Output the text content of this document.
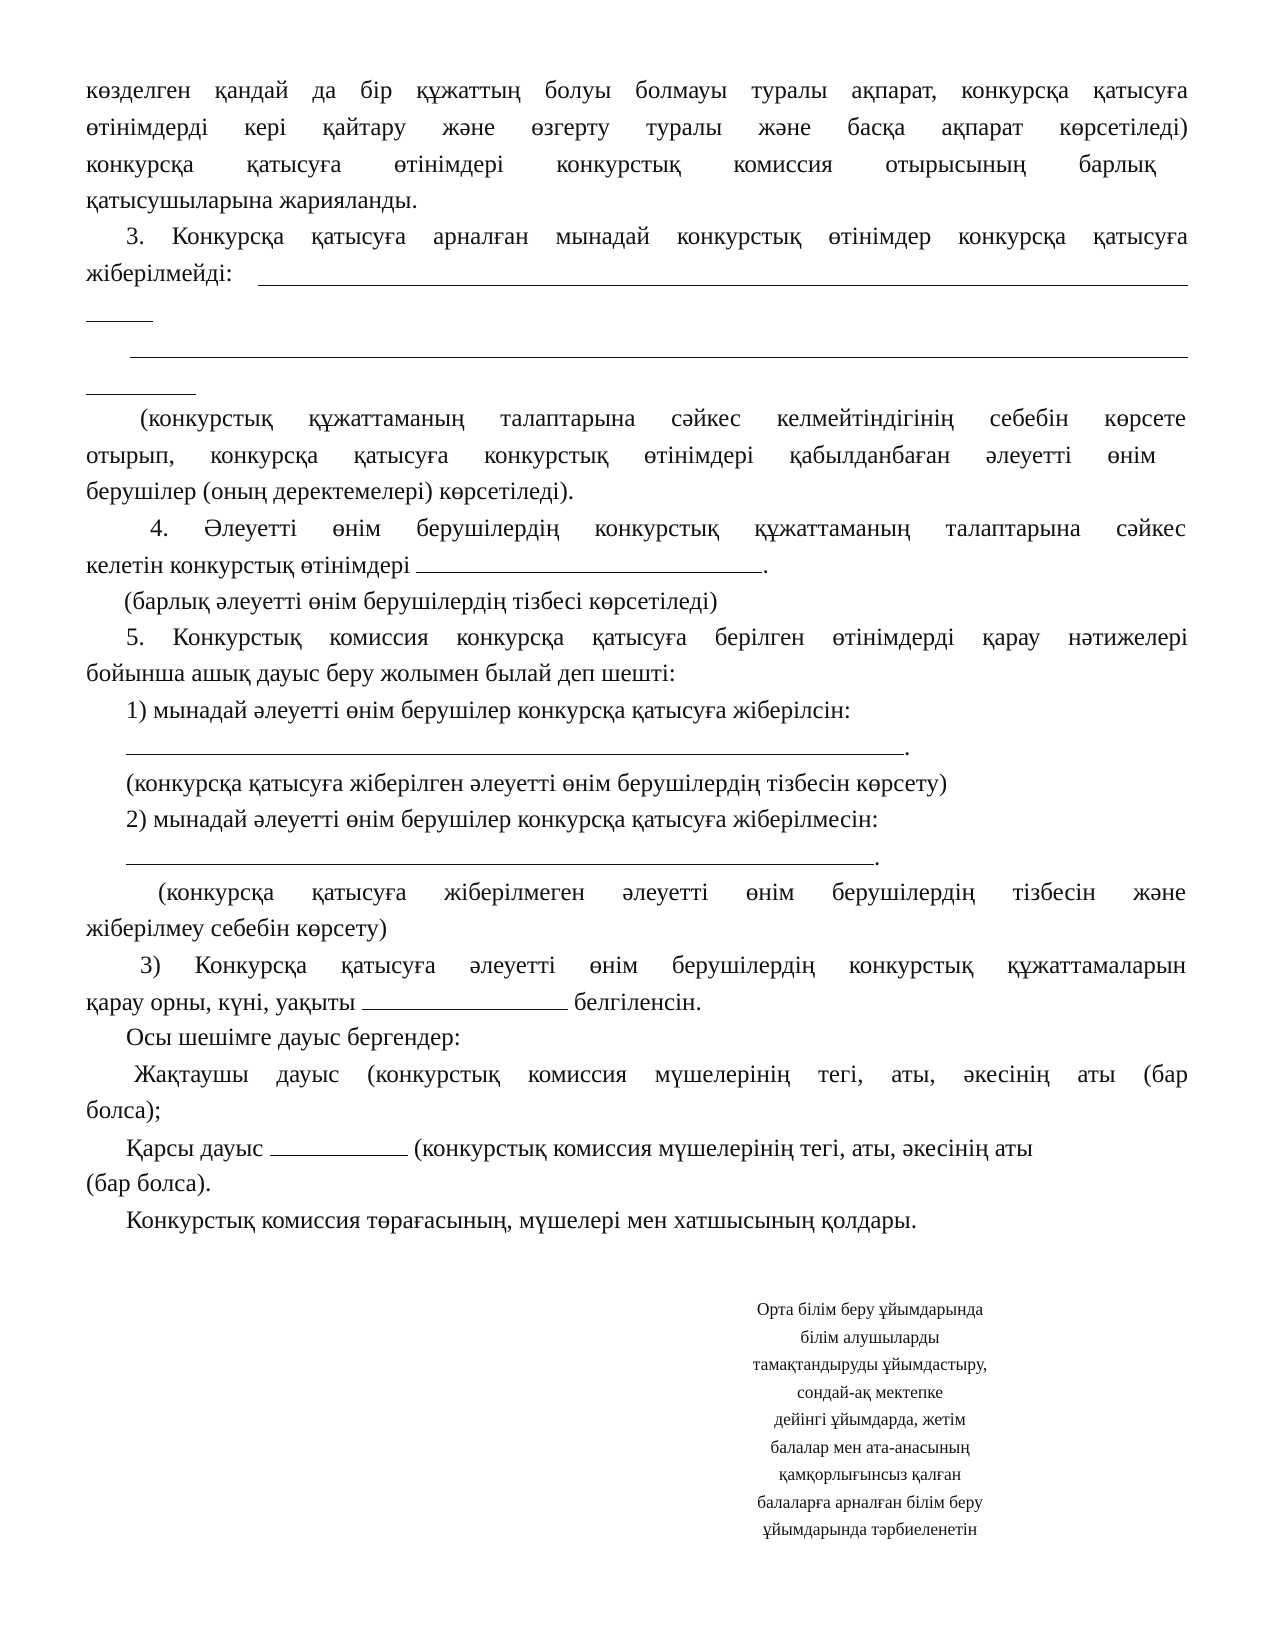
көзделген қандай да бір құжаттың болуы болмауы туралы ақпарат, конкурсқа қатысуға
өтінімдерді кері қайтару және өзгерту туралы және басқа ақпарат көрсетіледі)
конкурсқа қатысуға өтінімдері конкурстық комиссия отырысының барлық
қатысушыларына жарияланды.
3. Конкурсқа қатысуға арналған мынадай конкурстық өтінімдер конкурсқа қатысуға
жіберілмейді:
(конкурстық құжаттаманың талаптарына сәйкес келмейтіндігінің себебін көрсете
отырып, конкурсқа қатысуға конкурстық өтінімдері қабылданбаған әлеуетті өнім
берушілер (оның деректемелері) көрсетіледі).
4. Әлеуетті өнім берушілердің конкурстық құжаттаманың талаптарына сәйкес
келетін конкурстық өтінімдері	.
(барлық әлеуетті өнім берушілердің тізбесі көрсетіледі)
5. Конкурстық комиссия конкурсқа қатысуға берілген өтінімдерді қарау нәтижелері
бойынша ашық дауыс беру жолымен былай деп шешті:
1) мынадай әлеуетті өнім берушілер конкурсқа қатысуға жіберілсін:
.
(конкурсқа қатысуға жіберілген әлеуетті өнім берушілердің тізбесін көрсету)
2) мынадай әлеуетті өнім берушілер конкурсқа қатысуға жіберілмесін:
.
(конкурсқа қатысуға жіберілмеген әлеуетті өнім берушілердің тізбесін және
жіберілмеу себебін көрсету)
3) Конкурсқа қатысуға әлеуетті өнім берушілердің конкурстық құжаттамаларын
қарау орны, күні, уақыты	белгіленсін.
Осы шешімге дауыс бергендер:
Жақтаушы дауыс (конкурстық комиссия мүшелерінің тегі, аты, әкесінің аты (бар
болса);
Қарсы дауыс	(конкурстық комиссия мүшелерінің тегі, аты, әкесінің аты
(бар болса).
Конкурстық комиссия төрағасының, мүшелері мен хатшысының қолдары.
Орта білім беру ұйымдарында
білім алушыларды
тамақтандыруды ұйымдастыру,
сондай-ақ мектепке
дейінгі ұйымдарда, жетім
балалар мен ата-анасының
қамқорлығынсыз қалған
балаларға арналған білім беру
ұйымдарында тәрбиеленетін
